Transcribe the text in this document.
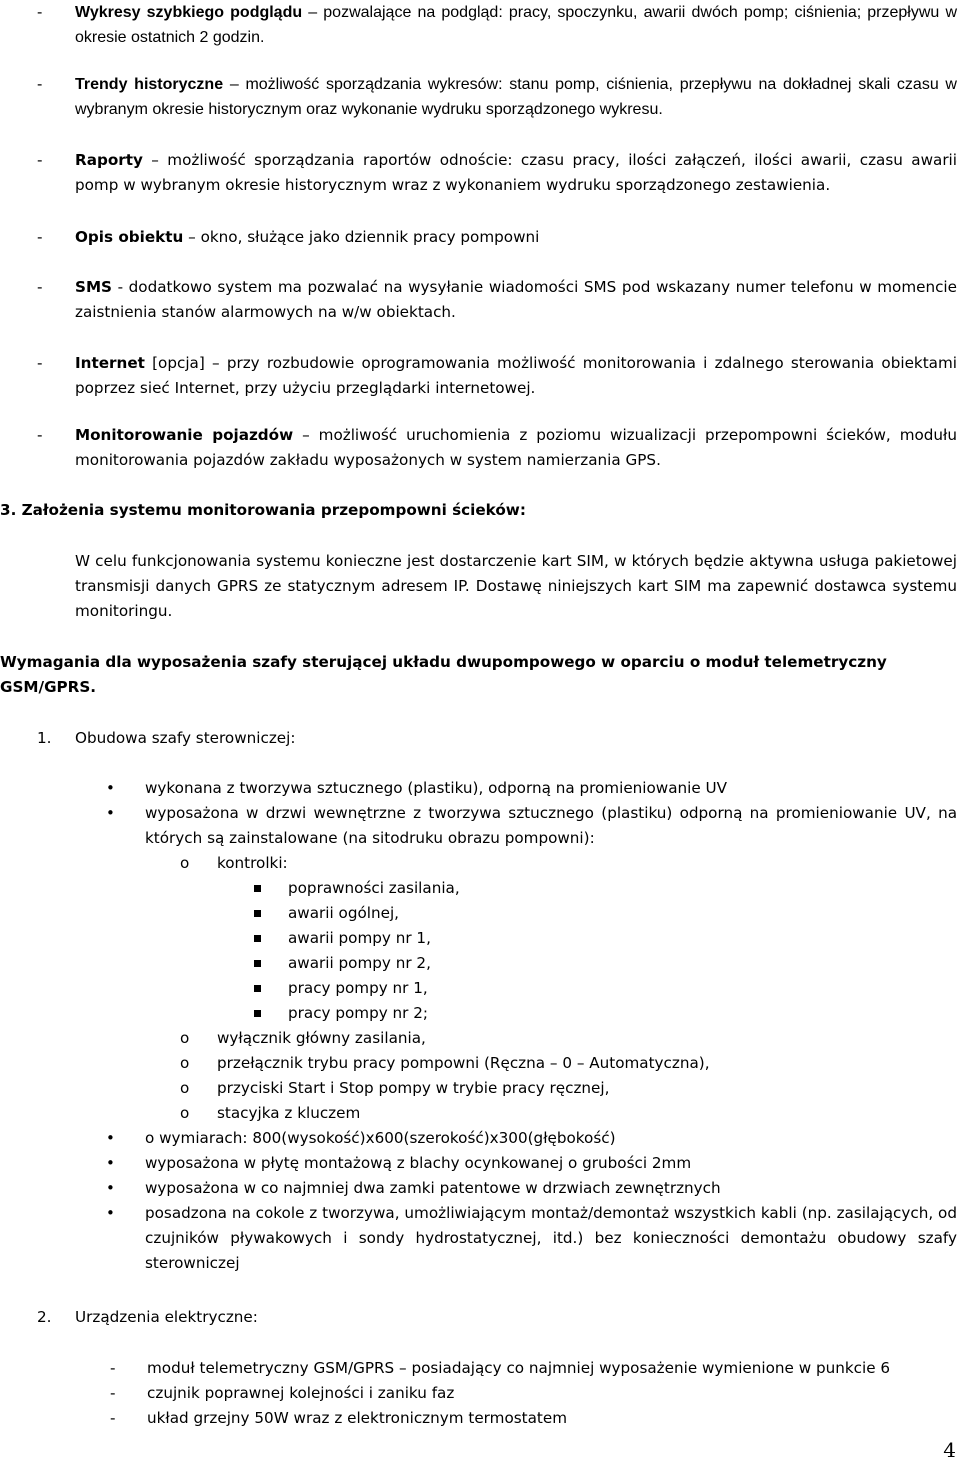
- Wykresy szybkiego podglądu – pozwalające na podgląd: pracy, spoczynku, awarii dwóch pomp; ciśnienia; przepływu w okresie ostatnich 2 godzin.
- Trendy historyczne – możliwość sporządzania wykresów: stanu pomp, ciśnienia, przepływu na dokładnej skali czasu w wybranym okresie historycznym oraz wykonanie wydruku sporządzonego wykresu.
- Raporty – możliwość sporządzania raportów odnoście: czasu pracy, ilości załączeń, ilości awarii, czasu awarii pomp w wybranym okresie historycznym wraz z wykonaniem wydruku sporządzonego zestawienia.
- Opis obiektu – okno, służące jako dziennik pracy pompowni
- SMS - dodatkowo system ma pozwalać na wysyłanie wiadomości SMS pod wskazany numer telefonu w momencie zaistnienia stanów alarmowych na w/w obiektach.
- Internet [opcja] – przy rozbudowie oprogramowania możliwość monitorowania i zdalnego sterowania obiektami poprzez sieć Internet, przy użyciu przeglądarki internetowej.
- Monitorowanie pojazdów – możliwość uruchomienia z poziomu wizualizacji przepompowni ścieków, modułu monitorowania pojazdów zakładu wyposażonych w system namierzania GPS.
3. Założenia systemu monitorowania przepompowni ścieków:
W celu funkcjonowania systemu konieczne jest dostarczenie kart SIM, w których będzie aktywna usługa pakietowej transmisji danych GPRS ze statycznym adresem IP. Dostawę niniejszych kart SIM ma zapewnić dostawca systemu monitoringu.
Wymagania dla wyposażenia szafy sterującej układu dwupompowego w oparciu o moduł telemetryczny GSM/GPRS.
1. Obudowa szafy sterowniczej:
• wykonana z tworzywa sztucznego (plastiku), odporną na promieniowanie UV
• wyposażona w drzwi wewnętrzne z tworzywa sztucznego (plastiku) odporną na promieniowanie UV, na których są zainstalowane (na sitodruku obrazu pompowni):
o kontrolki:
poprawności zasilania,
awarii ogólnej,
awarii pompy nr 1,
awarii pompy nr 2,
pracy pompy nr 1,
pracy pompy nr 2;
o wyłącznik główny zasilania,
o przełącznik trybu pracy pompowni (Ręczna – 0 – Automatyczna),
o przyciski Start i Stop pompy w trybie pracy ręcznej,
o stacyjka z kluczem
• o wymiarach: 800(wysokość)x600(szerokość)x300(głębokość)
• wyposażona w płytę montażową z blachy ocynkowanej o grubości 2mm
• wyposażona w co najmniej dwa zamki patentowe w drzwiach zewnętrznych
• posadzona na cokole z tworzywa, umożliwiającym montaż/demontaż wszystkich kabli (np. zasilających, od czujników pływakowych i sondy hydrostatycznej, itd.) bez konieczności demontażu obudowy szafy sterowniczej
2. Urządzenia elektryczne:
- moduł telemetryczny GSM/GPRS – posiadający co najmniej wyposażenie wymienione w punkcie 6
- czujnik poprawnej kolejności i zaniku faz
- układ grzejny 50W wraz z elektronicznym termostatem
4
